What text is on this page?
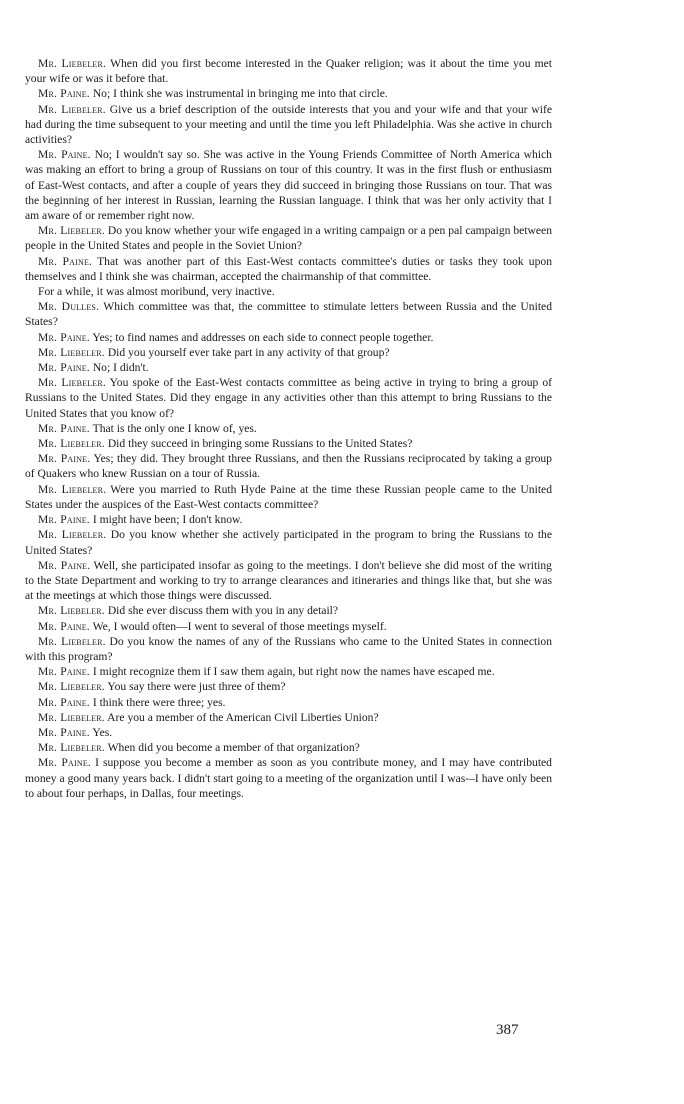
Mr. Liebeler. When did you first become interested in the Quaker religion; was it about the time you met your wife or was it before that.

Mr. Paine. No; I think she was instrumental in bringing me into that circle.

Mr. Liebeler. Give us a brief description of the outside interests that you and your wife and that your wife had during the time subsequent to your meeting and until the time you left Philadelphia. Was she active in church activities?

Mr. Paine. No; I wouldn't say so. She was active in the Young Friends Committee of North America which was making an effort to bring a group of Russians on tour of this country. It was in the first flush or enthusiasm of East-West contacts, and after a couple of years they did succeed in bringing those Russians on tour. That was the beginning of her interest in Russian, learning the Russian language. I think that was her only activity that I am aware of or remember right now.

Mr. Liebeler. Do you know whether your wife engaged in a writing campaign or a pen pal campaign between people in the United States and people in the Soviet Union?

Mr. Paine. That was another part of this East-West contacts committee's duties or tasks they took upon themselves and I think she was chairman, accepted the chairmanship of that committee.

For a while, it was almost moribund, very inactive.

Mr. Dulles. Which committee was that, the committee to stimulate letters between Russia and the United States?

Mr. Paine. Yes; to find names and addresses on each side to connect people together.

Mr. Liebeler. Did you yourself ever take part in any activity of that group?

Mr. Paine. No; I didn't.

Mr. Liebeler. You spoke of the East-West contacts committee as being active in trying to bring a group of Russians to the United States. Did they engage in any activities other than this attempt to bring Russians to the United States that you know of?

Mr. Paine. That is the only one I know of, yes.

Mr. Liebeler. Did they succeed in bringing some Russians to the United States?

Mr. Paine. Yes; they did. They brought three Russians, and then the Russians reciprocated by taking a group of Quakers who knew Russian on a tour of Russia.

Mr. Liebeler. Were you married to Ruth Hyde Paine at the time these Russian people came to the United States under the auspices of the East-West contacts committee?

Mr. Paine. I might have been; I don't know.

Mr. Liebeler. Do you know whether she actively participated in the program to bring the Russians to the United States?

Mr. Paine. Well, she participated insofar as going to the meetings. I don't believe she did most of the writing to the State Department and working to try to arrange clearances and itineraries and things like that, but she was at the meetings at which those things were discussed.

Mr. Liebeler. Did she ever discuss them with you in any detail?

Mr. Paine. We, I would often—I went to several of those meetings myself.

Mr. Liebeler. Do you know the names of any of the Russians who came to the United States in connection with this program?

Mr. Paine. I might recognize them if I saw them again, but right now the names have escaped me.

Mr. Liebeler. You say there were just three of them?

Mr. Paine. I think there were three; yes.

Mr. Liebeler. Are you a member of the American Civil Liberties Union?

Mr. Paine. Yes.

Mr. Liebeler. When did you become a member of that organization?

Mr. Paine. I suppose you become a member as soon as you contribute money, and I may have contributed money a good many years back. I didn't start going to a meeting of the organization until I was-–I have only been to about four perhaps, in Dallas, four meetings.

387
